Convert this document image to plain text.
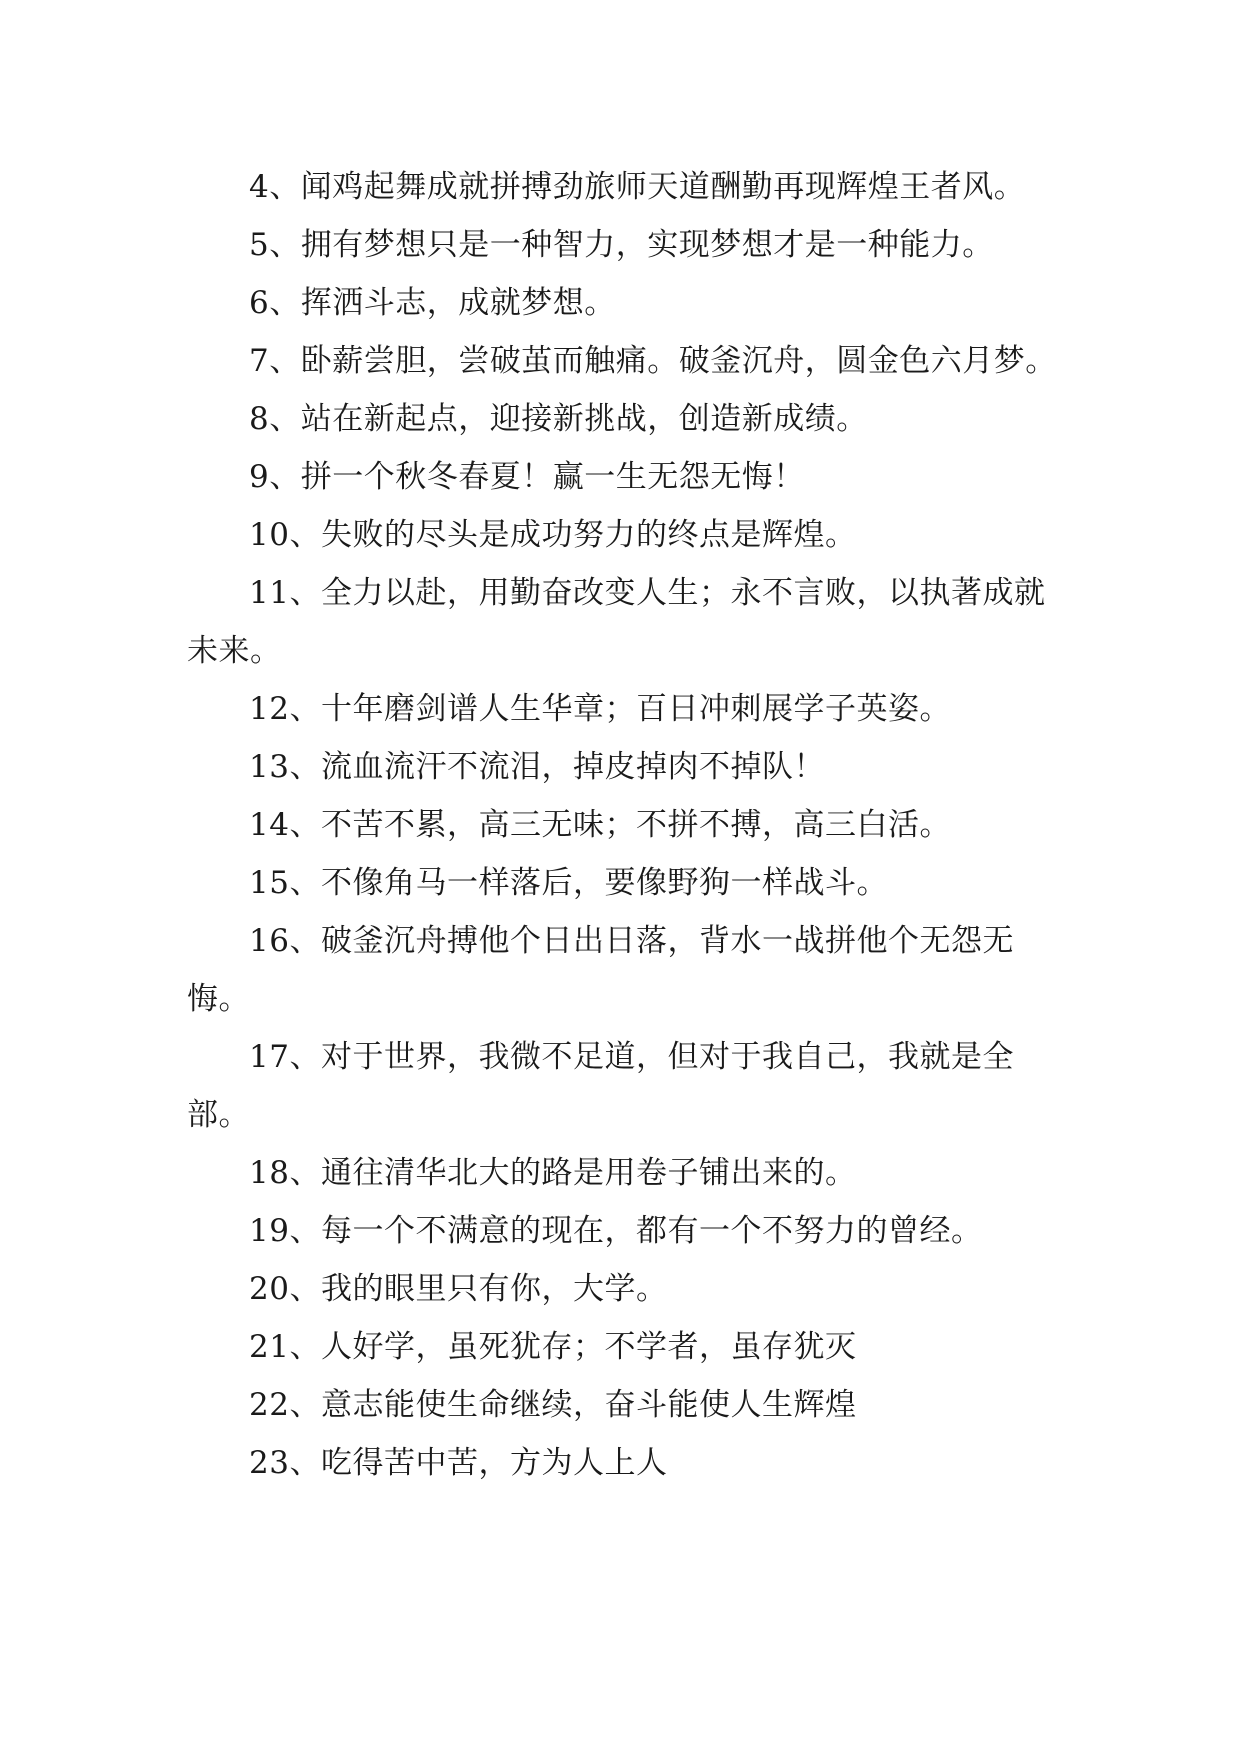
4、闻鸡起舞成就拼搏劲旅师天道酬勤再现辉煌王者风。

5、拥有梦想只是一种智力，实现梦想才是一种能力。

6、挥洒斗志，成就梦想。

7、卧薪尝胆，尝破茧而触痛。破釜沉舟，圆金色六月梦。

8、站在新起点，迎接新挑战，创造新成绩。

9、拼一个秋冬春夏！赢一生无怨无悔！

10、失败的尽头是成功努力的终点是辉煌。

11、全力以赴，用勤奋改变人生；永不言败，以执著成就未来。

12、十年磨剑谱人生华章；百日冲刺展学子英姿。

13、流血流汗不流泪，掉皮掉肉不掉队！

14、不苦不累，高三无味；不拼不搏，高三白活。

15、不像角马一样落后，要像野狗一样战斗。

16、破釜沉舟搏他个日出日落，背水一战拼他个无怨无悔。

17、对于世界，我微不足道，但对于我自己，我就是全部。

18、通往清华北大的路是用卷子铺出来的。

19、每一个不满意的现在，都有一个不努力的曾经。

20、我的眼里只有你，大学。

21、人好学，虽死犹存；不学者，虽存犹灭

22、意志能使生命继续，奋斗能使人生辉煌

23、吃得苦中苦，方为人上人
